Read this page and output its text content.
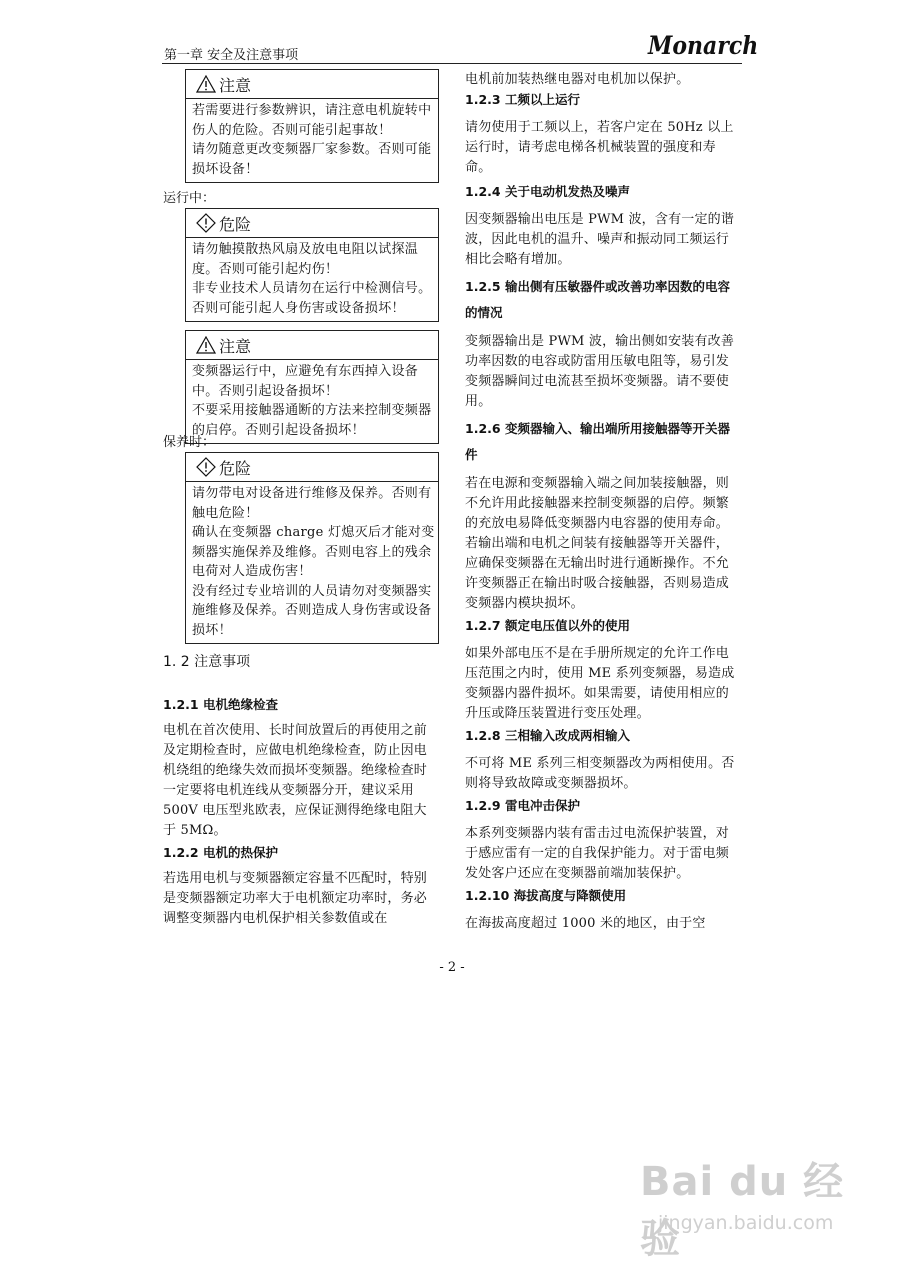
第一章 安全及注意事项	Monarch
注意

若需要进行参数辨识，请注意电机旋转中伤人的危险。否则可能引起事故！

请勿随意更改变频器厂家参数。否则可能损坏设备！

运行中：
危险

请勿触摸散热风扇及放电电阻以试探温度。否则可能引起灼伤！

非专业技术人员请勿在运行中检测信号。否则可能引起人身伤害或设备损坏！

注意

变频器运行中，应避免有东西掉入设备中。否则引起设备损坏！

不要采用接触器通断的方法来控制变频器的启停。否则引起设备损坏！

保养时：
危险

请勿带电对设备进行维修及保养。否则有触电危险！

确认在变频器 charge 灯熄灭后才能对变频器实施保养及维修。否则电容上的残余电荷对人造成伤害！

没有经过专业培训的人员请勿对变频器实施维修及保养。否则造成人身伤害或设备损坏！

1. 2 注意事项

1.2.1 电机绝缘检查

电机在首次使用、长时间放置后的再使用之前及定期检查时，应做电机绝缘检查，防止因电机绕组的绝缘失效而损坏变频器。绝缘检查时一定要将电机连线从变频器分开，建议采用 500V 电压型兆欧表，应保证测得绝缘电阻大于 5MΩ。

1.2.2 电机的热保护

若选用电机与变频器额定容量不匹配时，特别是变频器额定功率大于电机额定功率时，务必调整变频器内电机保护相关参数值或在

电机前加装热继电器对电机加以保护。

1.2.3 工频以上运行

请勿使用于工频以上，若客户定在 50Hz 以上运行时，请考虑电梯各机械装置的强度和寿命。

1.2.4 关于电动机发热及噪声

因变频器输出电压是 PWM 波，含有一定的谐波，因此电机的温升、噪声和振动同工频运行相比会略有增加。

1.2.5 输出侧有压敏器件或改善功率因数的电容的情况

变频器输出是 PWM 波，输出侧如安装有改善功率因数的电容或防雷用压敏电阻等，易引发变频器瞬间过电流甚至损坏变频器。请不要使用。

1.2.6 变频器输入、输出端所用接触器等开关器件

若在电源和变频器输入端之间加装接触器，则不允许用此接触器来控制变频器的启停。频繁的充放电易降低变频器内电容器的使用寿命。若输出端和电机之间装有接触器等开关器件，应确保变频器在无输出时进行通断操作。不允许变频器正在输出时吸合接触器，否则易造成变频器内模块损坏。

1.2.7 额定电压值以外的使用

如果外部电压不是在手册所规定的允许工作电压范围之内时，使用 ME 系列变频器，易造成变频器内器件损坏。如果需要，请使用相应的升压或降压装置进行变压处理。

1.2.8 三相输入改成两相输入

不可将 ME 系列三相变频器改为两相使用。否则将导致故障或变频器损坏。

1.2.9 雷电冲击保护

本系列变频器内装有雷击过电流保护装置，对于感应雷有一定的自我保护能力。对于雷电频发处客户还应在变频器前端加装保护。

1.2.10 海拔高度与降额使用

在海拔高度超过 1000 米的地区，由于空

- 2 -
Bai du 经验
jingyan.baidu.com
